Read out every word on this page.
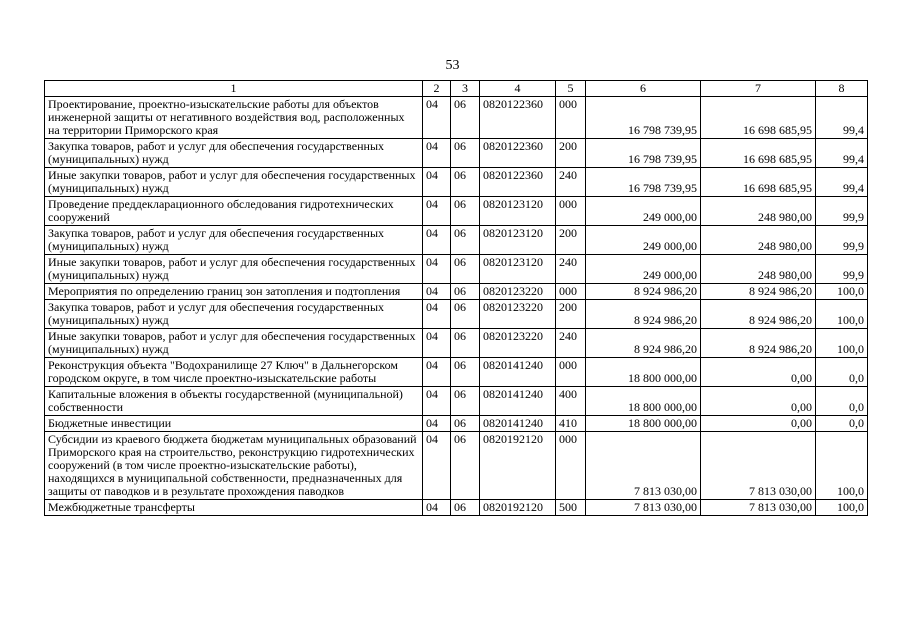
53
1	2	3	4	5	6	7	8
Проектирование, проектно-изыскательские работы для объектов инженерной защиты от негативного воздействия вод, расположенных на территории Приморского края	04	06	0820122360	000	16 798 739,95	16 698 685,95	99,4
Закупка товаров, работ и услуг для обеспечения государственных (муниципальных) нужд	04	06	0820122360	200	16 798 739,95	16 698 685,95	99,4
Иные закупки товаров, работ и услуг для обеспечения государственных (муниципальных) нужд	04	06	0820122360	240	16 798 739,95	16 698 685,95	99,4
Проведение преддекларационного обследования гидротехнических сооружений	04	06	0820123120	000	249 000,00	248 980,00	99,9
Закупка товаров, работ и услуг для обеспечения государственных (муниципальных) нужд	04	06	0820123120	200	249 000,00	248 980,00	99,9
Иные закупки товаров, работ и услуг для обеспечения государственных (муниципальных) нужд	04	06	0820123120	240	249 000,00	248 980,00	99,9
Мероприятия по определению границ зон затопления и подтопления	04	06	0820123220	000	8 924 986,20	8 924 986,20	100,0
Закупка товаров, работ и услуг для обеспечения государственных (муниципальных) нужд	04	06	0820123220	200	8 924 986,20	8 924 986,20	100,0
Иные закупки товаров, работ и услуг для обеспечения государственных (муниципальных) нужд	04	06	0820123220	240	8 924 986,20	8 924 986,20	100,0
Реконструкция объекта "Водохранилище 27 Ключ" в Дальнегорском городском округе, в том числе проектно-изыскательские работы	04	06	0820141240	000	18 800 000,00	0,00	0,0
Капитальные вложения в объекты государственной (муниципальной) собственности	04	06	0820141240	400	18 800 000,00	0,00	0,0
Бюджетные инвестиции	04	06	0820141240	410	18 800 000,00	0,00	0,0
Субсидии из краевого бюджета бюджетам муниципальных образований Приморского края на строительство, реконструкцию гидротехнических сооружений (в том числе проектно-изыскательские работы), находящихся в муниципальной собственности, предназначенных для защиты от паводков и в результате прохождения паводков	04	06	0820192120	000	7 813 030,00	7 813 030,00	100,0
Межбюджетные трансферты	04	06	0820192120	500	7 813 030,00	7 813 030,00	100,0
